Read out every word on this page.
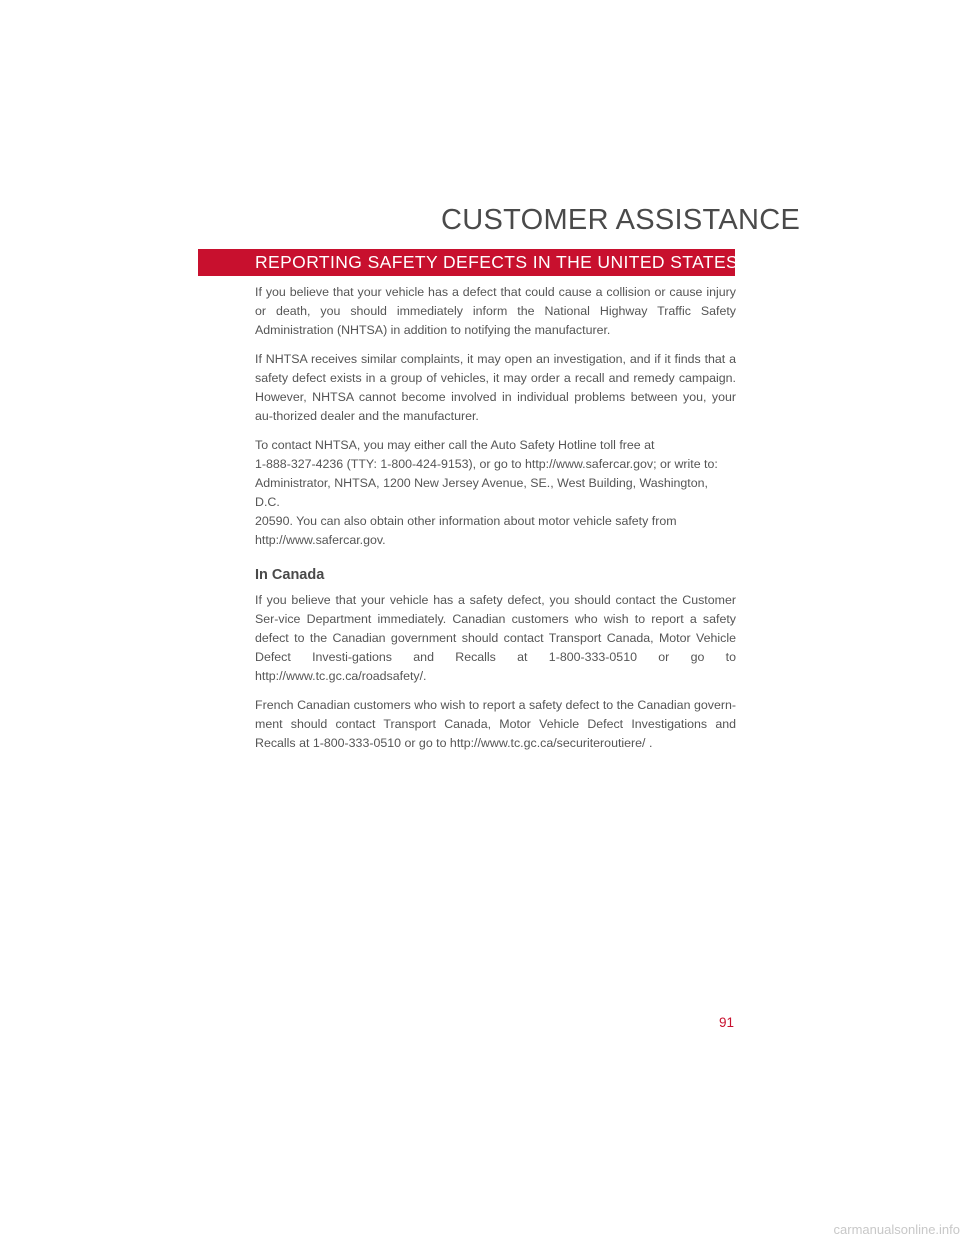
CUSTOMER ASSISTANCE
REPORTING SAFETY DEFECTS IN THE UNITED STATES

If you believe that your vehicle has a defect that could cause a collision or cause injury or death, you should immediately inform the National Highway Traffic Safety Administration (NHTSA) in addition to notifying the manufacturer.

If NHTSA receives similar complaints, it may open an investigation, and if it finds that a safety defect exists in a group of vehicles, it may order a recall and remedy campaign. However, NHTSA cannot become involved in individual problems between you, your au-thorized dealer and the manufacturer.

To contact NHTSA, you may either call the Auto Safety Hotline toll free at
1-888-327-4236 (TTY: 1-800-424-9153), or go to http://www.safercar.gov; or write to:
Administrator, NHTSA, 1200 New Jersey Avenue, SE., West Building, Washington, D.C.
20590. You can also obtain other information about motor vehicle safety from
http://www.safercar.gov.

In Canada

If you believe that your vehicle has a safety defect, you should contact the Customer Ser-vice Department immediately. Canadian customers who wish to report a safety defect to the Canadian government should contact Transport Canada, Motor Vehicle Defect Investi-gations and Recalls at 1-800-333-0510 or go to http://www.tc.gc.ca/roadsafety/.

French Canadian customers who wish to report a safety defect to the Canadian govern-ment should contact Transport Canada, Motor Vehicle Defect Investigations and Recalls at 1-800-333-0510 or go to http://www.tc.gc.ca/securiteroutiere/ .

91
carmanualsonline.info
